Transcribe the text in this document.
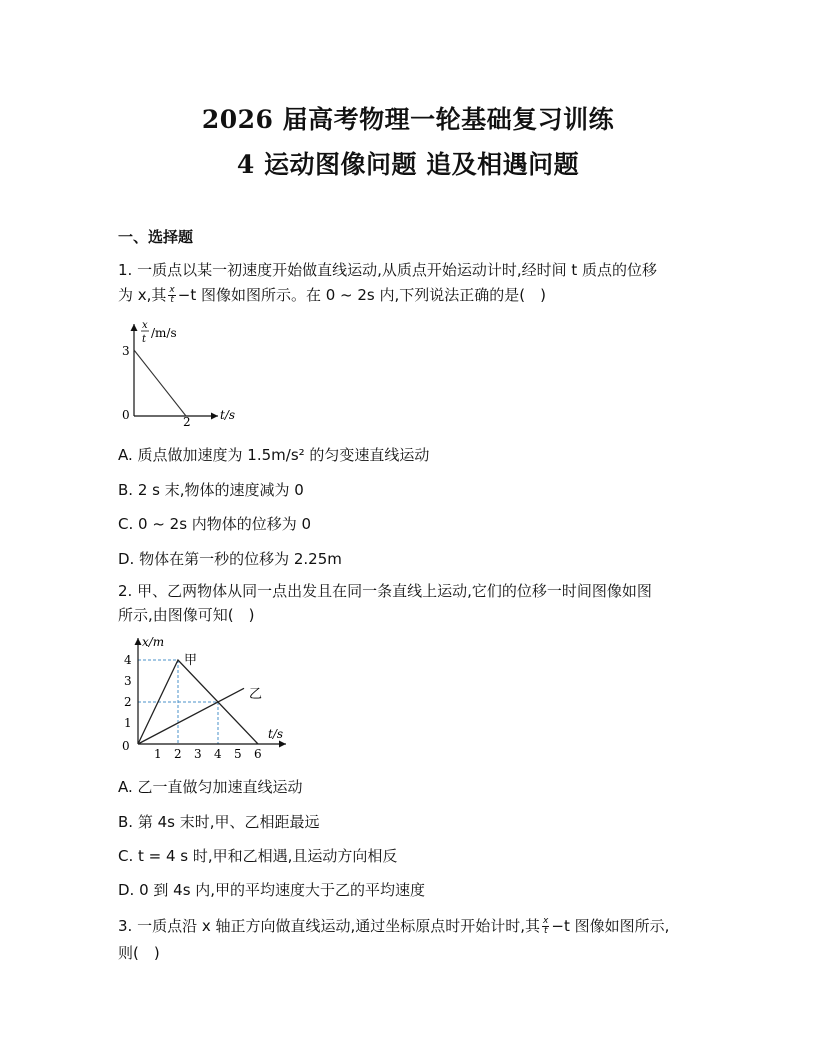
2026 届高考物理一轮基础复习训练
4 运动图像问题 追及相遇问题
一、选择题
1. 一质点以某一初速度开始做直线运动,从质点开始运动计时,经时间 t 质点的位移
为 x,其 $\frac{x}{t} -t$ 图像如图所示。在 0 ~ 2s 内,下列说法正确的是(　)
x
t /m/s
3
0	2 t/s
A. 质点做加速度为 1.5m/s² 的匀变速直线运动
B. 2 s 末,物体的速度减为 0
C. 0 ~ 2s 内物体的位移为 0
D. 物体在第一秒的位移为 2.25m
2. 甲、乙两物体从同一点出发且在同一条直线上运动,它们的位移一时间图像如图
所示,由图像可知(　)
x/m
t/s
0
甲
乙
1
2
3
4
1 2 3 4 5 6
A. 乙一直做匀加速直线运动
B. 第 4s 末时,甲、乙相距最远
C. t = 4 s 时,甲和乙相遇,且运动方向相反
D. 0 到 4s 内,甲的平均速度大于乙的平均速度
3. 一质点沿 x 轴正方向做直线运动,通过坐标原点时开始计时,其 $\frac{x}{t} -t$ 图像如图所示,
则(　)
